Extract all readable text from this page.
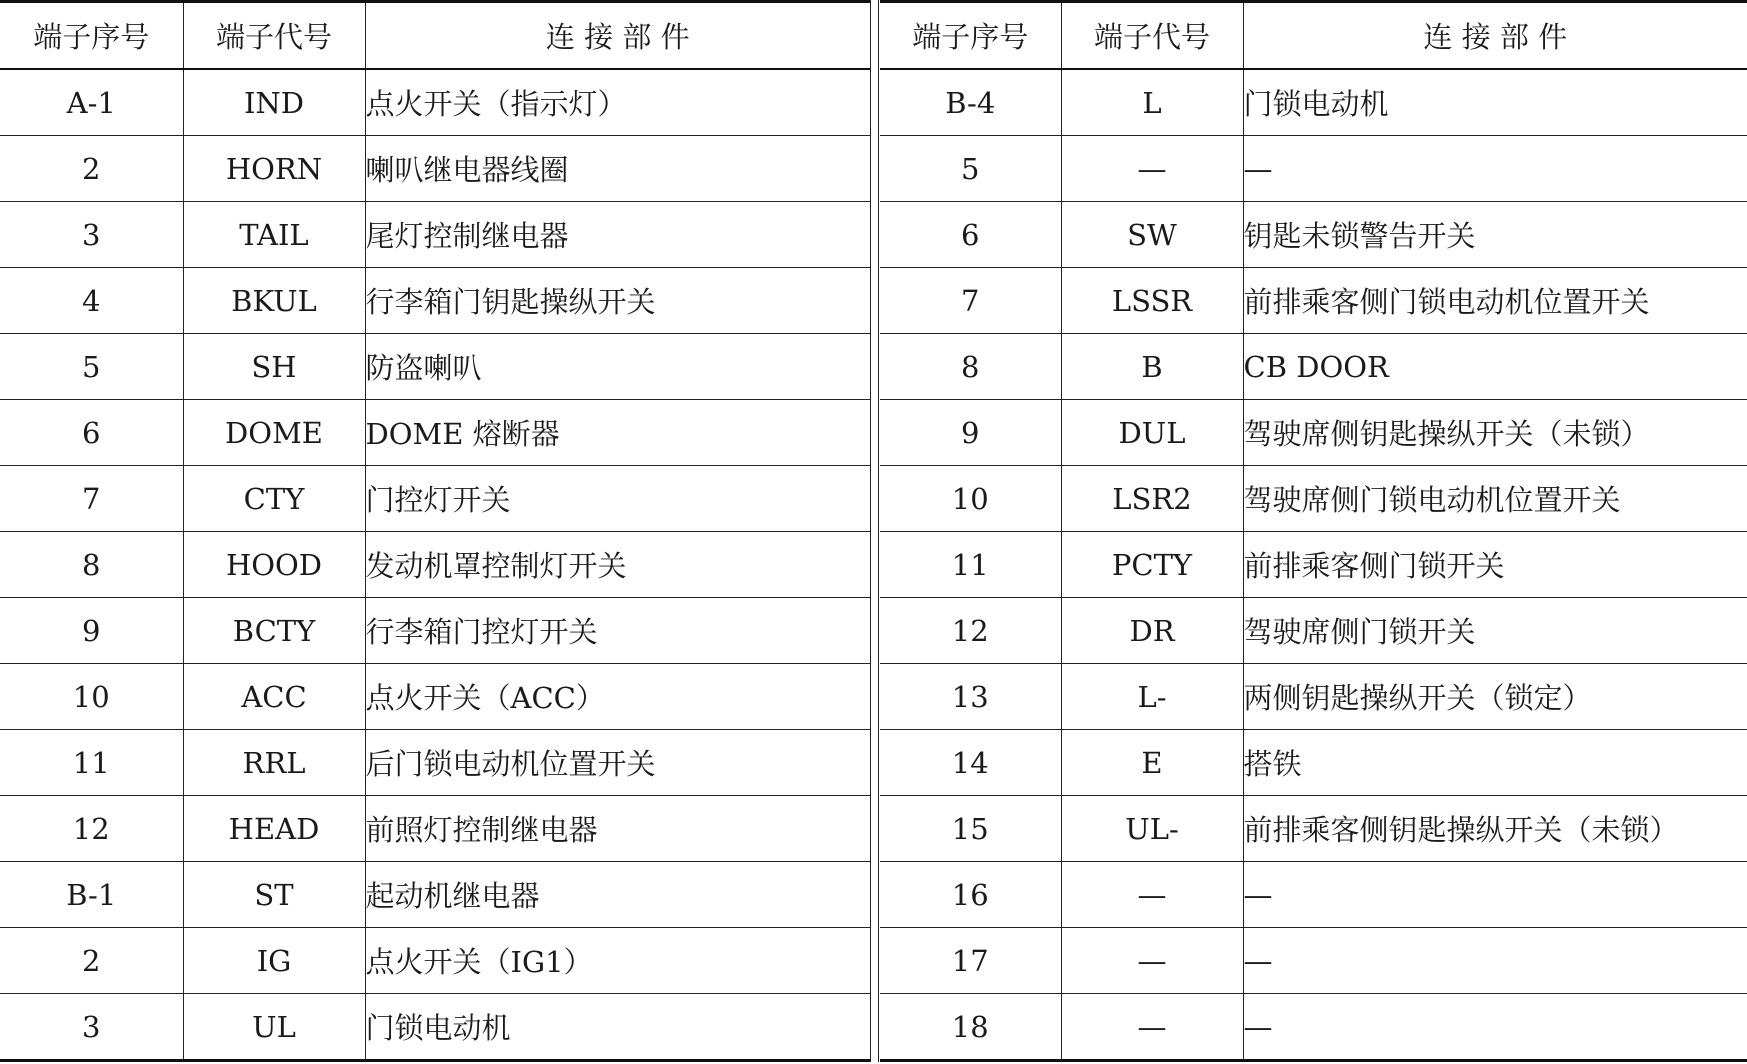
端子序号	端子代号	连 接 部 件
A-1	IND	点火开关（指示灯）
2	HORN	喇叭继电器线圈
3	TAIL	尾灯控制继电器
4	BKUL	行李箱门钥匙操纵开关
5	SH	防盗喇叭
6	DOME	DOME 熔断器
7	CTY	门控灯开关
8	HOOD	发动机罩控制灯开关
9	BCTY	行李箱门控灯开关
10	ACC	点火开关（ACC）
11	RRL	后门锁电动机位置开关
12	HEAD	前照灯控制继电器
B-1	ST	起动机继电器
2	IG	点火开关（IG1）
3	UL	门锁电动机
端子序号	端子代号	连 接 部 件
B-4	L	门锁电动机
5	—	—
6	SW	钥匙未锁警告开关
7	LSSR	前排乘客侧门锁电动机位置开关
8	B	CB DOOR
9	DUL	驾驶席侧钥匙操纵开关（未锁）
10	LSR2	驾驶席侧门锁电动机位置开关
11	PCTY	前排乘客侧门锁开关
12	DR	驾驶席侧门锁开关
13	L-	两侧钥匙操纵开关（锁定）
14	E	搭铁
15	UL-	前排乘客侧钥匙操纵开关（未锁）
16	—	—
17	—	—
18	—	—
